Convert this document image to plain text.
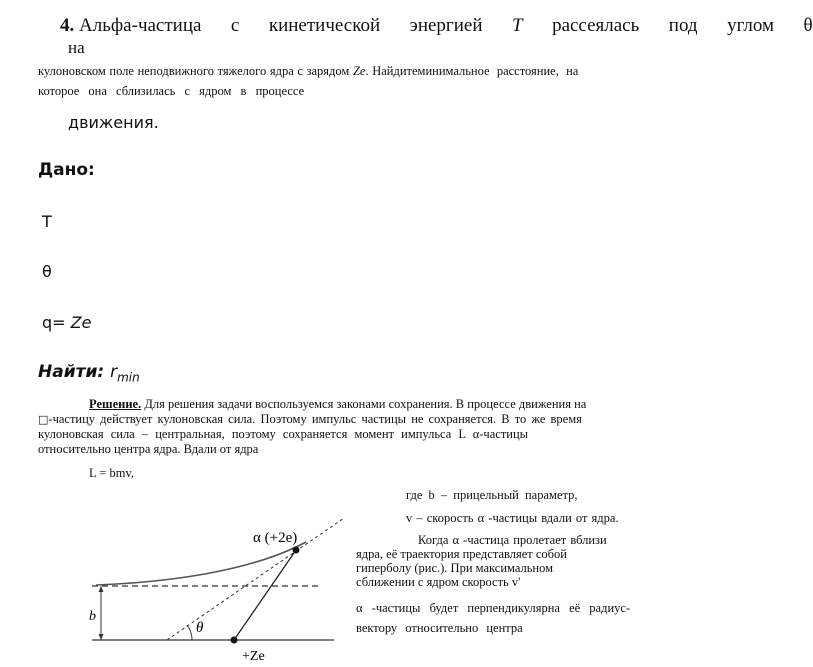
4. Альфа-частица  с  кинетической  энергией  T  рассеялась  под  углом  θ
на
кулоновском поле неподвижного тяжелого ядра с зарядом Ze. Найдитеминимальное  расстояние,  на
которое она сблизилась с ядром в процессе
движения.
Дано:
T
θ
q= Ze
Найти: $r_{min}$
Решение. Для решения задачи воспользуемся законами сохранения. В процессе движения на
□-частицу действует кулоновская сила. Поэтому импульс частицы не сохраняется. В то же время
кулоновская сила – центральная, поэтому сохраняется момент импульса L α-частицы
относительно центра ядра. Вдали от ядра
L = bmv,
где b – прицельный параметр,
v – скорость α -частицы вдали от ядра.
Когда α -частица пролетает вблизи
ядра, её траектория представляет собой
гиперболу (рис.). При максимальном
сближении с ядром скорость v'
α -частицы будет перпендикулярна её радиус-
вектору относительно центра
b
θ
α (+2e)
+Ze
